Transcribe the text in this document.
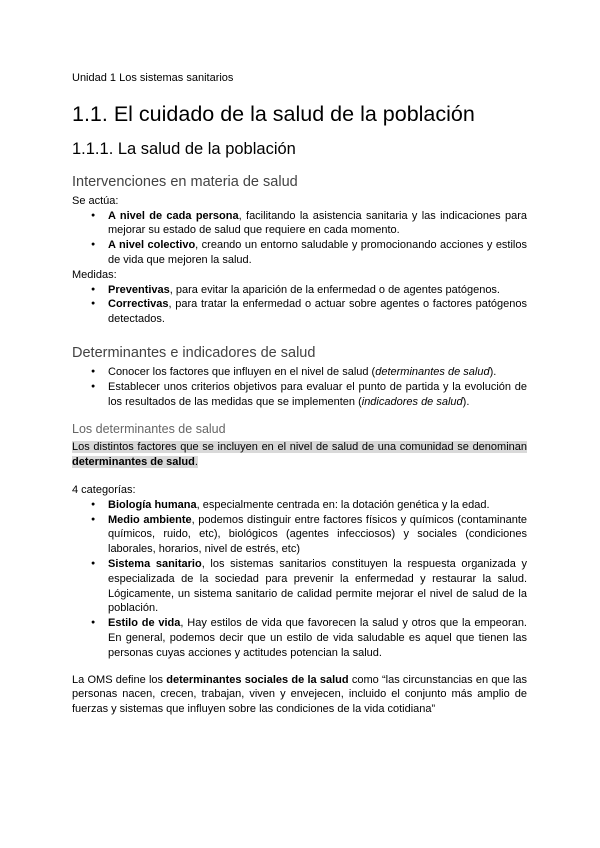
Unidad 1 Los sistemas sanitarios
1.1. El cuidado de la salud de la población
1.1.1. La salud de la población
Intervenciones en materia de salud

Se actúa:

● A nivel de cada persona, facilitando la asistencia sanitaria y las indicaciones para mejorar su estado de salud que requiere en cada momento.
● A nivel colectivo, creando un entorno saludable y promocionando acciones y estilos de vida que mejoren la salud.

Medidas:

● Preventivas, para evitar la aparición de la enfermedad o de agentes patógenos.
● Correctivas, para tratar la enfermedad o actuar sobre agentes o factores patógenos detectados.
Determinantes e indicadores de salud
● Conocer los factores que influyen en el nivel de salud (determinantes de salud).
● Establecer unos criterios objetivos para evaluar el punto de partida y la evolución de los resultados de las medidas que se implementen (indicadores de salud).
Los determinantes de salud

Los distintos factores que se incluyen en el nivel de salud de una comunidad se denominan determinantes de salud.

4 categorías:

● Biología humana, especialmente centrada en: la dotación genética y la edad.
● Medio ambiente, podemos distinguir entre factores físicos y químicos (contaminante químicos, ruido, etc), biológicos (agentes infecciosos) y sociales (condiciones laborales, horarios, nivel de estrés, etc)
● Sistema sanitario, los sistemas sanitarios constituyen la respuesta organizada y especializada de la sociedad para prevenir la enfermedad y restaurar la salud. Lógicamente, un sistema sanitario de calidad permite mejorar el nivel de salud de la población.
● Estilo de vida, Hay estilos de vida que favorecen la salud y otros que la empeoran. En general, podemos decir que un estilo de vida saludable es aquel que tienen las personas cuyas acciones y actitudes potencian la salud.

La OMS define los determinantes sociales de la salud como “las circunstancias en que las personas nacen, crecen, trabajan, viven y envejecen, incluido el conjunto más amplio de fuerzas y sistemas que influyen sobre las condiciones de la vida cotidiana”
